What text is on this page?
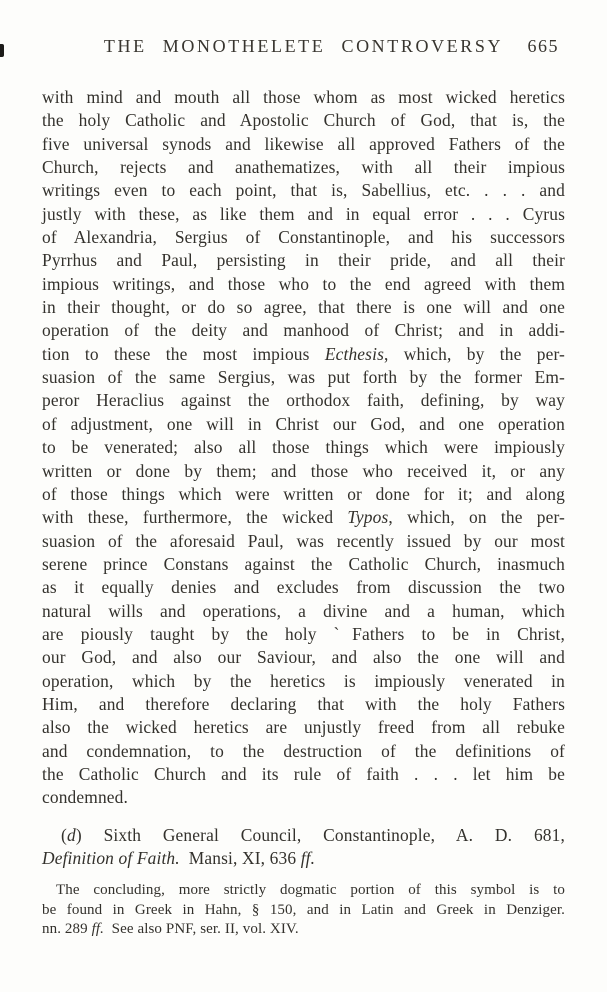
THE MONOTHELETE CONTROVERSY	665
with mind and mouth all those whom as most wicked heretics
the holy Catholic and Apostolic Church of God, that is, the
five universal synods and likewise all approved Fathers of the
Church, rejects and anathematizes, with all their impious
writings even to each point, that is, Sabellius, etc. . . . and
justly with these, as like them and in equal error . . . Cyrus
of Alexandria, Sergius of Constantinople, and his successors
Pyrrhus and Paul, persisting in their pride, and all their
impious writings, and those who to the end agreed with them
in their thought, or do so agree, that there is one will and one
operation of the deity and manhood of Christ; and in addi-
tion to these the most impious Ecthesis, which, by the per-
suasion of the same Sergius, was put forth by the former Em-
peror Heraclius against the orthodox faith, defining, by way
of adjustment, one will in Christ our God, and one operation
to be venerated; also all those things which were impiously
written or done by them; and those who received it, or any
of those things which were written or done for it; and along
with these, furthermore, the wicked Typos, which, on the per-
suasion of the aforesaid Paul, was recently issued by our most
serene prince Constans against the Catholic Church, inasmuch
as it equally denies and excludes from discussion the two
natural wills and operations, a divine and a human, which
are piously taught by the holy ˋFathers to be in Christ,
our God, and also our Saviour, and also the one will and
operation, which by the heretics is impiously venerated in
Him, and therefore declaring that with the holy Fathers
also the wicked heretics are unjustly freed from all rebuke
and condemnation, to the destruction of the definitions of
the Catholic Church and its rule of faith . . . let him be
condemned.
(d) Sixth General Council, Constantinople, A. D. 681,
Definition of Faith.  Mansi, XI, 636 ff.
The concluding, more strictly dogmatic portion of this symbol is to
be found in Greek in Hahn, § 150, and in Latin and Greek in Denziger.
nn. 289 ff.  See also PNF, ser. II, vol. XIV.
